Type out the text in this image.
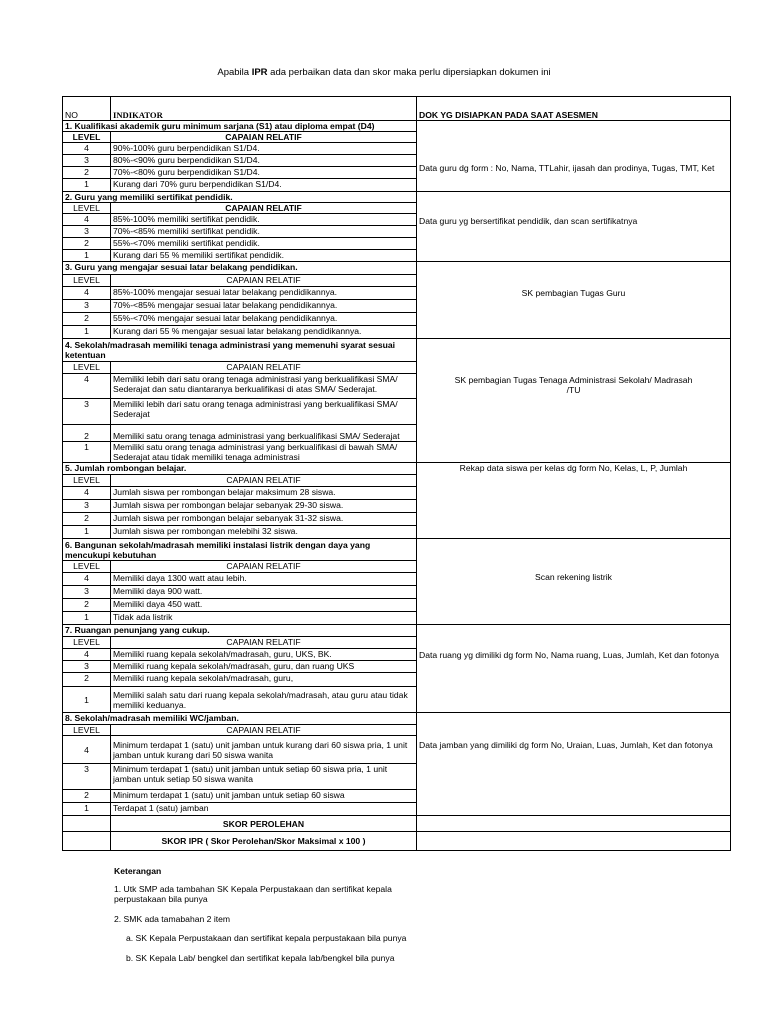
Apabila IPR ada perbaikan data dan skor maka perlu dipersiapkan dokumen ini
NO	INDIKATOR	DOK YG DISIAPKAN PADA SAAT ASESMEN
1. Kualifikasi akademik guru minimum sarjana (S1) atau diploma empat (D4)		Data guru dg form : No, Nama, TTLahir, ijasah dan prodinya, Tugas, TMT, Ket
LEVEL	CAPAIAN RELATIF	
4	90%-100% guru berpendidikan S1/D4.	
3	80%-<90% guru berpendidikan S1/D4.	
2	70%-<80% guru berpendidikan S1/D4.	
1	Kurang dari 70% guru berpendidikan S1/D4.	
2. Guru yang memiliki sertifikat pendidik.		Data guru yg bersertifikat pendidik, dan scan sertifikatnya
LEVEL	CAPAIAN RELATIF	
4	85%-100% memiliki sertifikat pendidik.	
3	70%-<85% memiliki sertifikat pendidik.	
2	55%-<70% memiliki sertifikat pendidik.	
1	Kurang dari 55 % memiliki sertifikat pendidik.	
3. Guru yang mengajar sesuai latar belakang pendidikan.		SK pembagian Tugas Guru
LEVEL	CAPAIAN RELATIF	
4	85%-100% mengajar sesuai latar belakang pendidikannya.	
3	70%-<85% mengajar sesuai latar belakang pendidikannya.	
2	55%-<70% mengajar sesuai latar belakang pendidikannya.	
1	Kurang dari 55 % mengajar sesuai latar belakang pendidikannya.	
4. Sekolah/madrasah memiliki tenaga administrasi yang memenuhi syarat sesuai ketentuan		SK pembagian Tugas Tenaga Administrasi Sekolah/ Madrasah /TU
LEVEL	CAPAIAN RELATIF	
4	Memiliki lebih dari satu orang tenaga administrasi yang berkualifikasi SMA/ Sederajat dan satu diantaranya berkualifikasi di atas SMA/ Sederajat.	
3	Memiliki lebih dari satu orang tenaga administrasi yang berkualifikasi SMA/ Sederajat	
2	Memiliki satu orang tenaga administrasi yang berkualifikasi SMA/ Sederajat	
1	Memiliki satu orang tenaga administrasi yang berkualifikasi di bawah SMA/ Sederajat atau tidak memiliki tenaga administrasi	
5. Jumlah rombongan belajar.		Rekap data siswa per kelas dg form No, Kelas, L, P, Jumlah
LEVEL	CAPAIAN RELATIF	
4	Jumlah siswa per rombongan belajar maksimum 28 siswa.	
3	Jumlah siswa per rombongan belajar sebanyak 29-30 siswa.	
2	Jumlah siswa per rombongan belajar sebanyak 31-32 siswa.	
1	Jumlah siswa per rombongan melebihi 32 siswa.	
6. Bangunan sekolah/madrasah memiliki instalasi listrik dengan daya yang mencukupi kebutuhan		Scan rekening listrik
LEVEL	CAPAIAN RELATIF	
4	Memiliki daya 1300 watt atau lebih.	
3	Memiliki daya 900 watt.	
2	Memiliki daya 450 watt.	
1	Tidak ada listrik	
7. Ruangan penunjang yang cukup.		Data ruang yg dimiliki dg form No, Nama ruang, Luas, Jumlah, Ket dan fotonya
LEVEL	CAPAIAN RELATIF	
4	Memiliki ruang kepala sekolah/madrasah, guru, UKS, BK.	
3	Memiliki ruang kepala sekolah/madrasah, guru, dan ruang UKS	
2	Memiliki ruang kepala sekolah/madrasah, guru,	
1	Memiliki salah satu dari ruang kepala sekolah/madrasah, atau guru atau tidak memiliki keduanya.	
8. Sekolah/madrasah memiliki WC/jamban.		Data jamban yang dimiliki dg form No, Uraian, Luas, Jumlah, Ket dan fotonya
LEVEL	CAPAIAN RELATIF	
4	Minimum terdapat 1 (satu) unit jamban untuk kurang dari 60 siswa pria, 1 unit jamban untuk kurang dari 50 siswa wanita	
3	Minimum terdapat 1 (satu) unit jamban untuk setiap 60 siswa pria, 1 unit jamban untuk setiap 50 siswa wanita	
2	Minimum terdapat 1 (satu) unit jamban untuk setiap 60 siswa	
1	Terdapat 1 (satu) jamban	
	SKOR PEROLEHAN	
	SKOR IPR ( Skor Perolehan/Skor Maksimal x 100 )	

Keterangan

1. Utk SMP ada tambahan SK Kepala Perpustakaan dan sertifikat kepala perpustakaan bila punya

2. SMK ada tamabahan 2 item

a. SK Kepala Perpustakaan dan sertifikat kepala perpustakaan bila punya

b. SK Kepala Lab/ bengkel dan sertifikat kepala lab/bengkel bila punya
